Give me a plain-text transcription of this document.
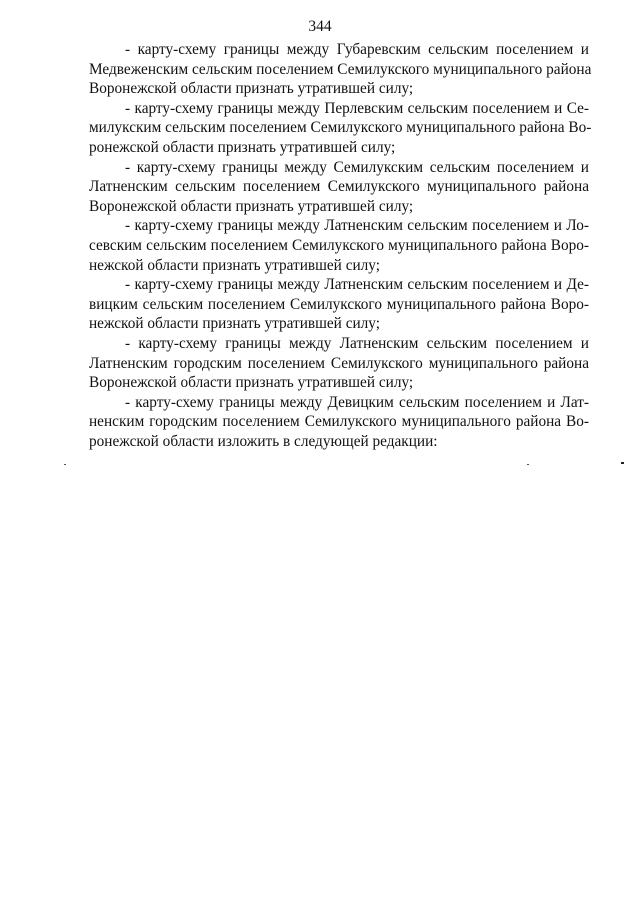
344
- карту-схему границы между Губаревским сельским поселением и
Медвеженским сельским поселением Семилукского муниципального района
Воронежской области признать утратившей силу;
- карту-схему границы между Перлевским сельским поселением и Се-
милукским сельским поселением Семилукского муниципального района Во-
ронежской области признать утратившей силу;
- карту-схему границы между Семилукским сельским поселением и
Латненским сельским поселением Семилукского муниципального района
Воронежской области признать утратившей силу;
- карту-схему границы между Латненским сельским поселением и Ло-
севским сельским поселением Семилукского муниципального района Воро-
нежской области признать утратившей силу;
- карту-схему границы между Латненским сельским поселением и Де-
вицким сельским поселением Семилукского муниципального района Воро-
нежской области признать утратившей силу;
- карту-схему границы между Латненским сельским поселением и
Латненским городским поселением Семилукского муниципального района
Воронежской области признать утратившей силу;
- карту-схему границы между Девицким сельским поселением и Лат-
ненским городским поселением Семилукского муниципального района Во-
ронежской области изложить в следующей редакции:
